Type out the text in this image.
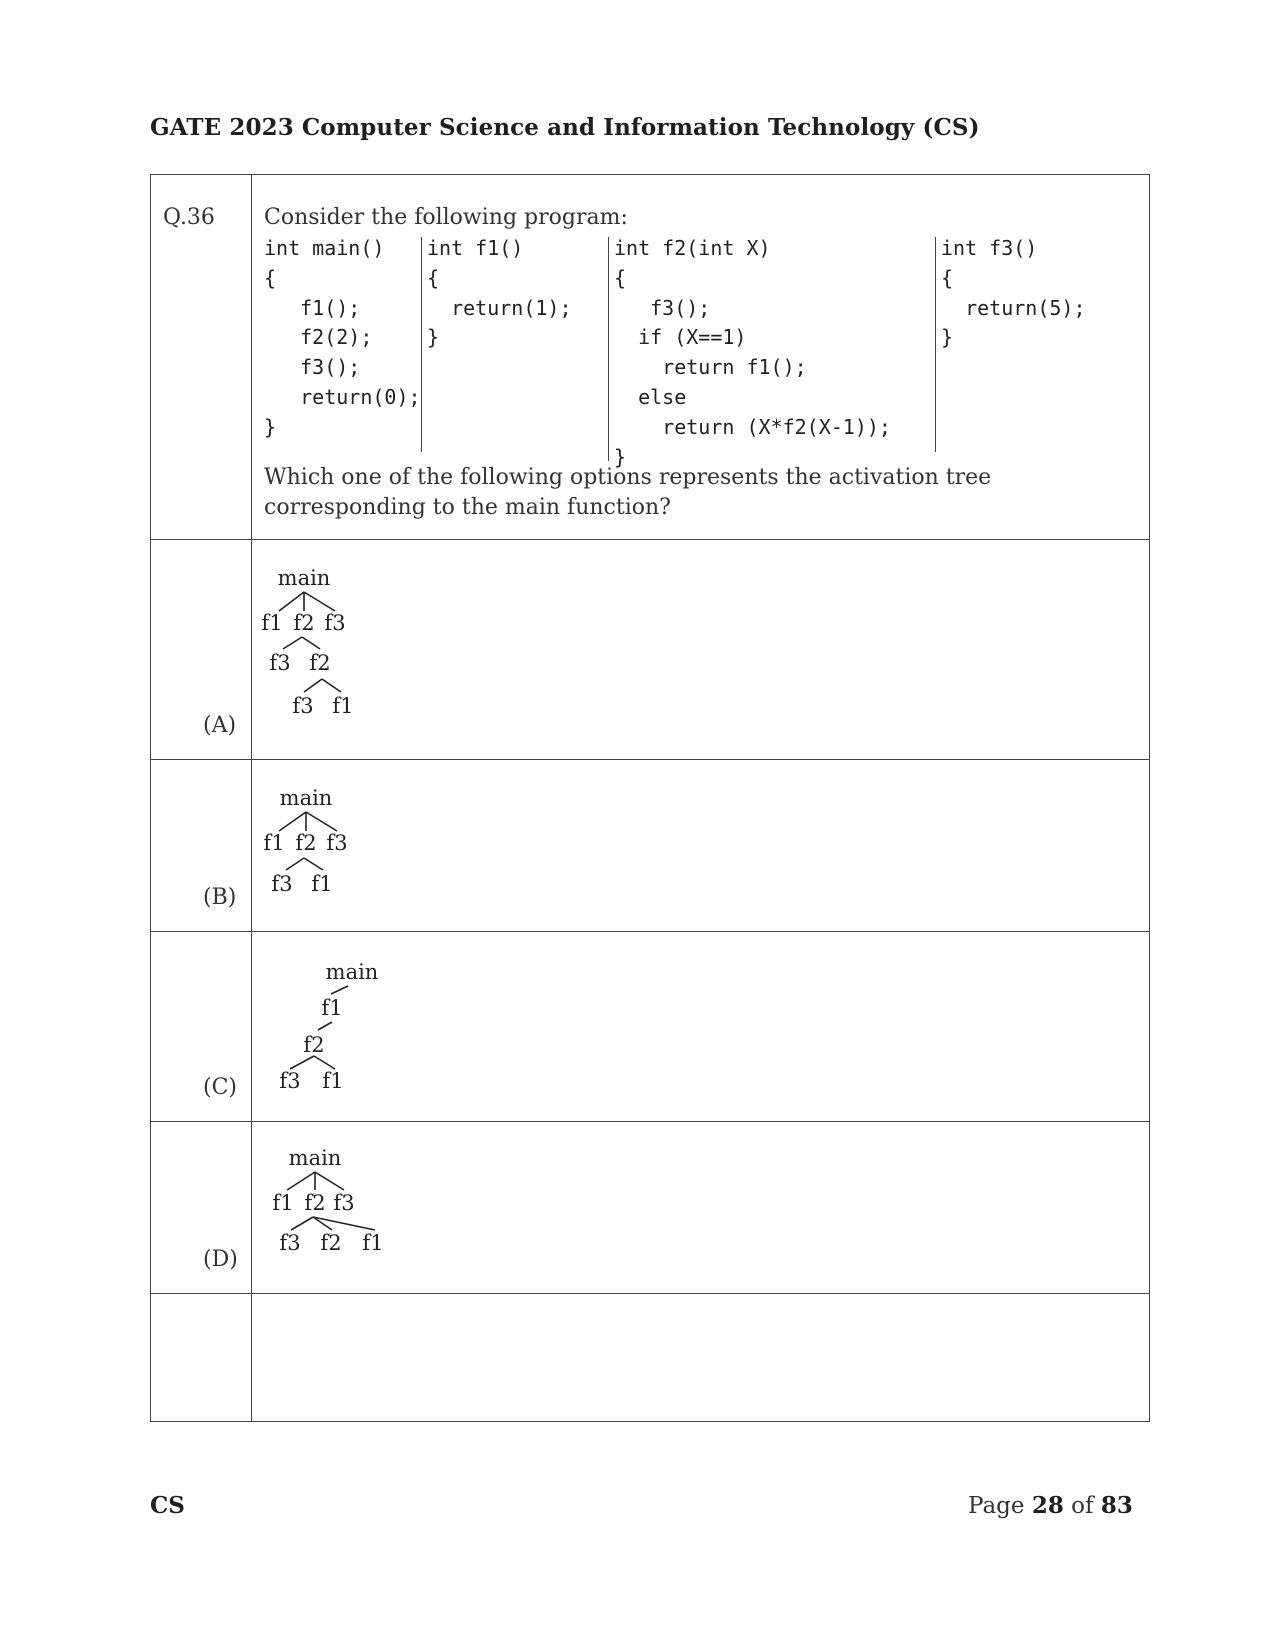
GATE 2023 Computer Science and Information Technology (CS)
Q.36 Consider the following program:
int main()
{
f1();
f2(2);
f3();
return(0);
}
int f1()
{
return(1);
}
int f2(int X)
{
f3();
if (X==1)
return f1();
else
return (X*f2(X-1));
}
int f3()
{
return(5);
}
Which one of the following options represents the activation tree corresponding to the main function?
(A)
main
f1 f2 f3
f3 f2
f3 f1
(B)
main
f1 f2 f3
f3 f1
(C)
main
f1
f2
f3 f1
(D)
main
f1 f2 f3
f3 f2 f1
CS	Page 28 of 83
